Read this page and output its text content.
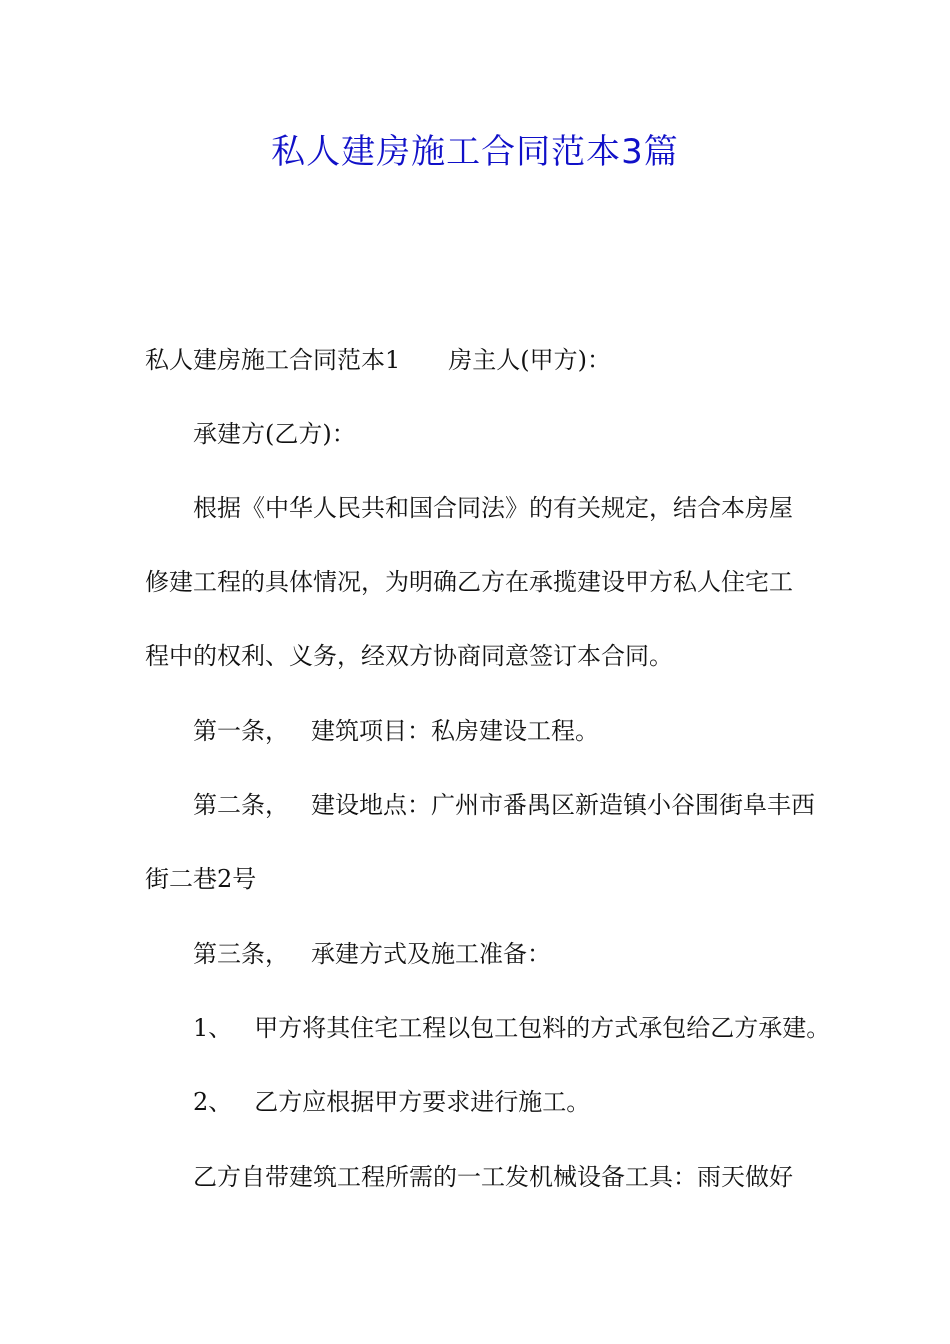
私人建房施工合同范本3篇

私人建房施工合同范本1 房主人(甲方)：

承建方(乙方)：

根据《中华人民共和国合同法》的有关规定，结合本房屋

修建工程的具体情况，为明确乙方在承揽建设甲方私人住宅工

程中的权利、义务，经双方协商同意签订本合同。

第一条， 建筑项目：私房建设工程。

第二条， 建设地点：广州市番禺区新造镇小谷围街阜丰西

街二巷2号

第三条， 承建方式及施工准备：

1、 甲方将其住宅工程以包工包料的方式承包给乙方承建。

2、 乙方应根据甲方要求进行施工。

乙方自带建筑工程所需的一工发机械设备工具：雨天做好
